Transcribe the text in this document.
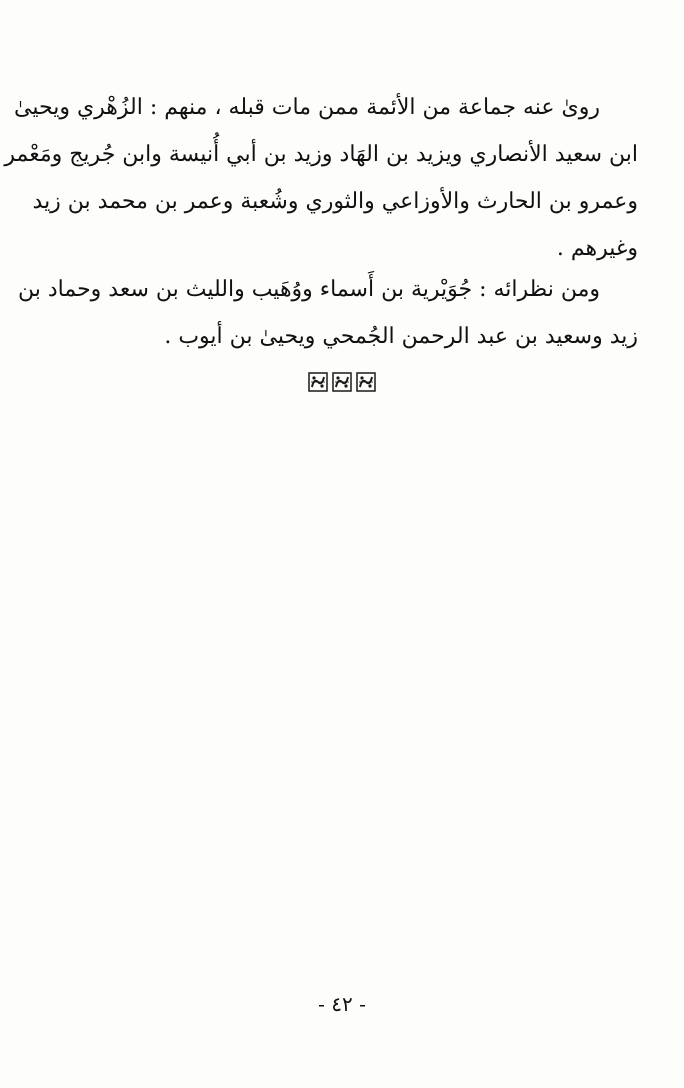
رویٰ عنه جماعة من الأئمة ممن مات قبله ، منهم : الزُهْري ويحيىٰ
ابن سعيد الأنصاري ويزيد بن الهَاد وزيد بن أبي أُنيسة وابن جُريج ومَعْمر
وعمرو بن الحارث والأوزاعي والثوري وشُعبة وعمر بن محمد بن زيد
وغيرهم .
ومن نظرائه : جُوَيْرية بن أَسماء ووُهَيب والليث بن سعد وحماد بن
زيد وسعيد بن عبد الرحمن الجُمحي ويحيىٰ بن أيوب .

- ٤٢ -
